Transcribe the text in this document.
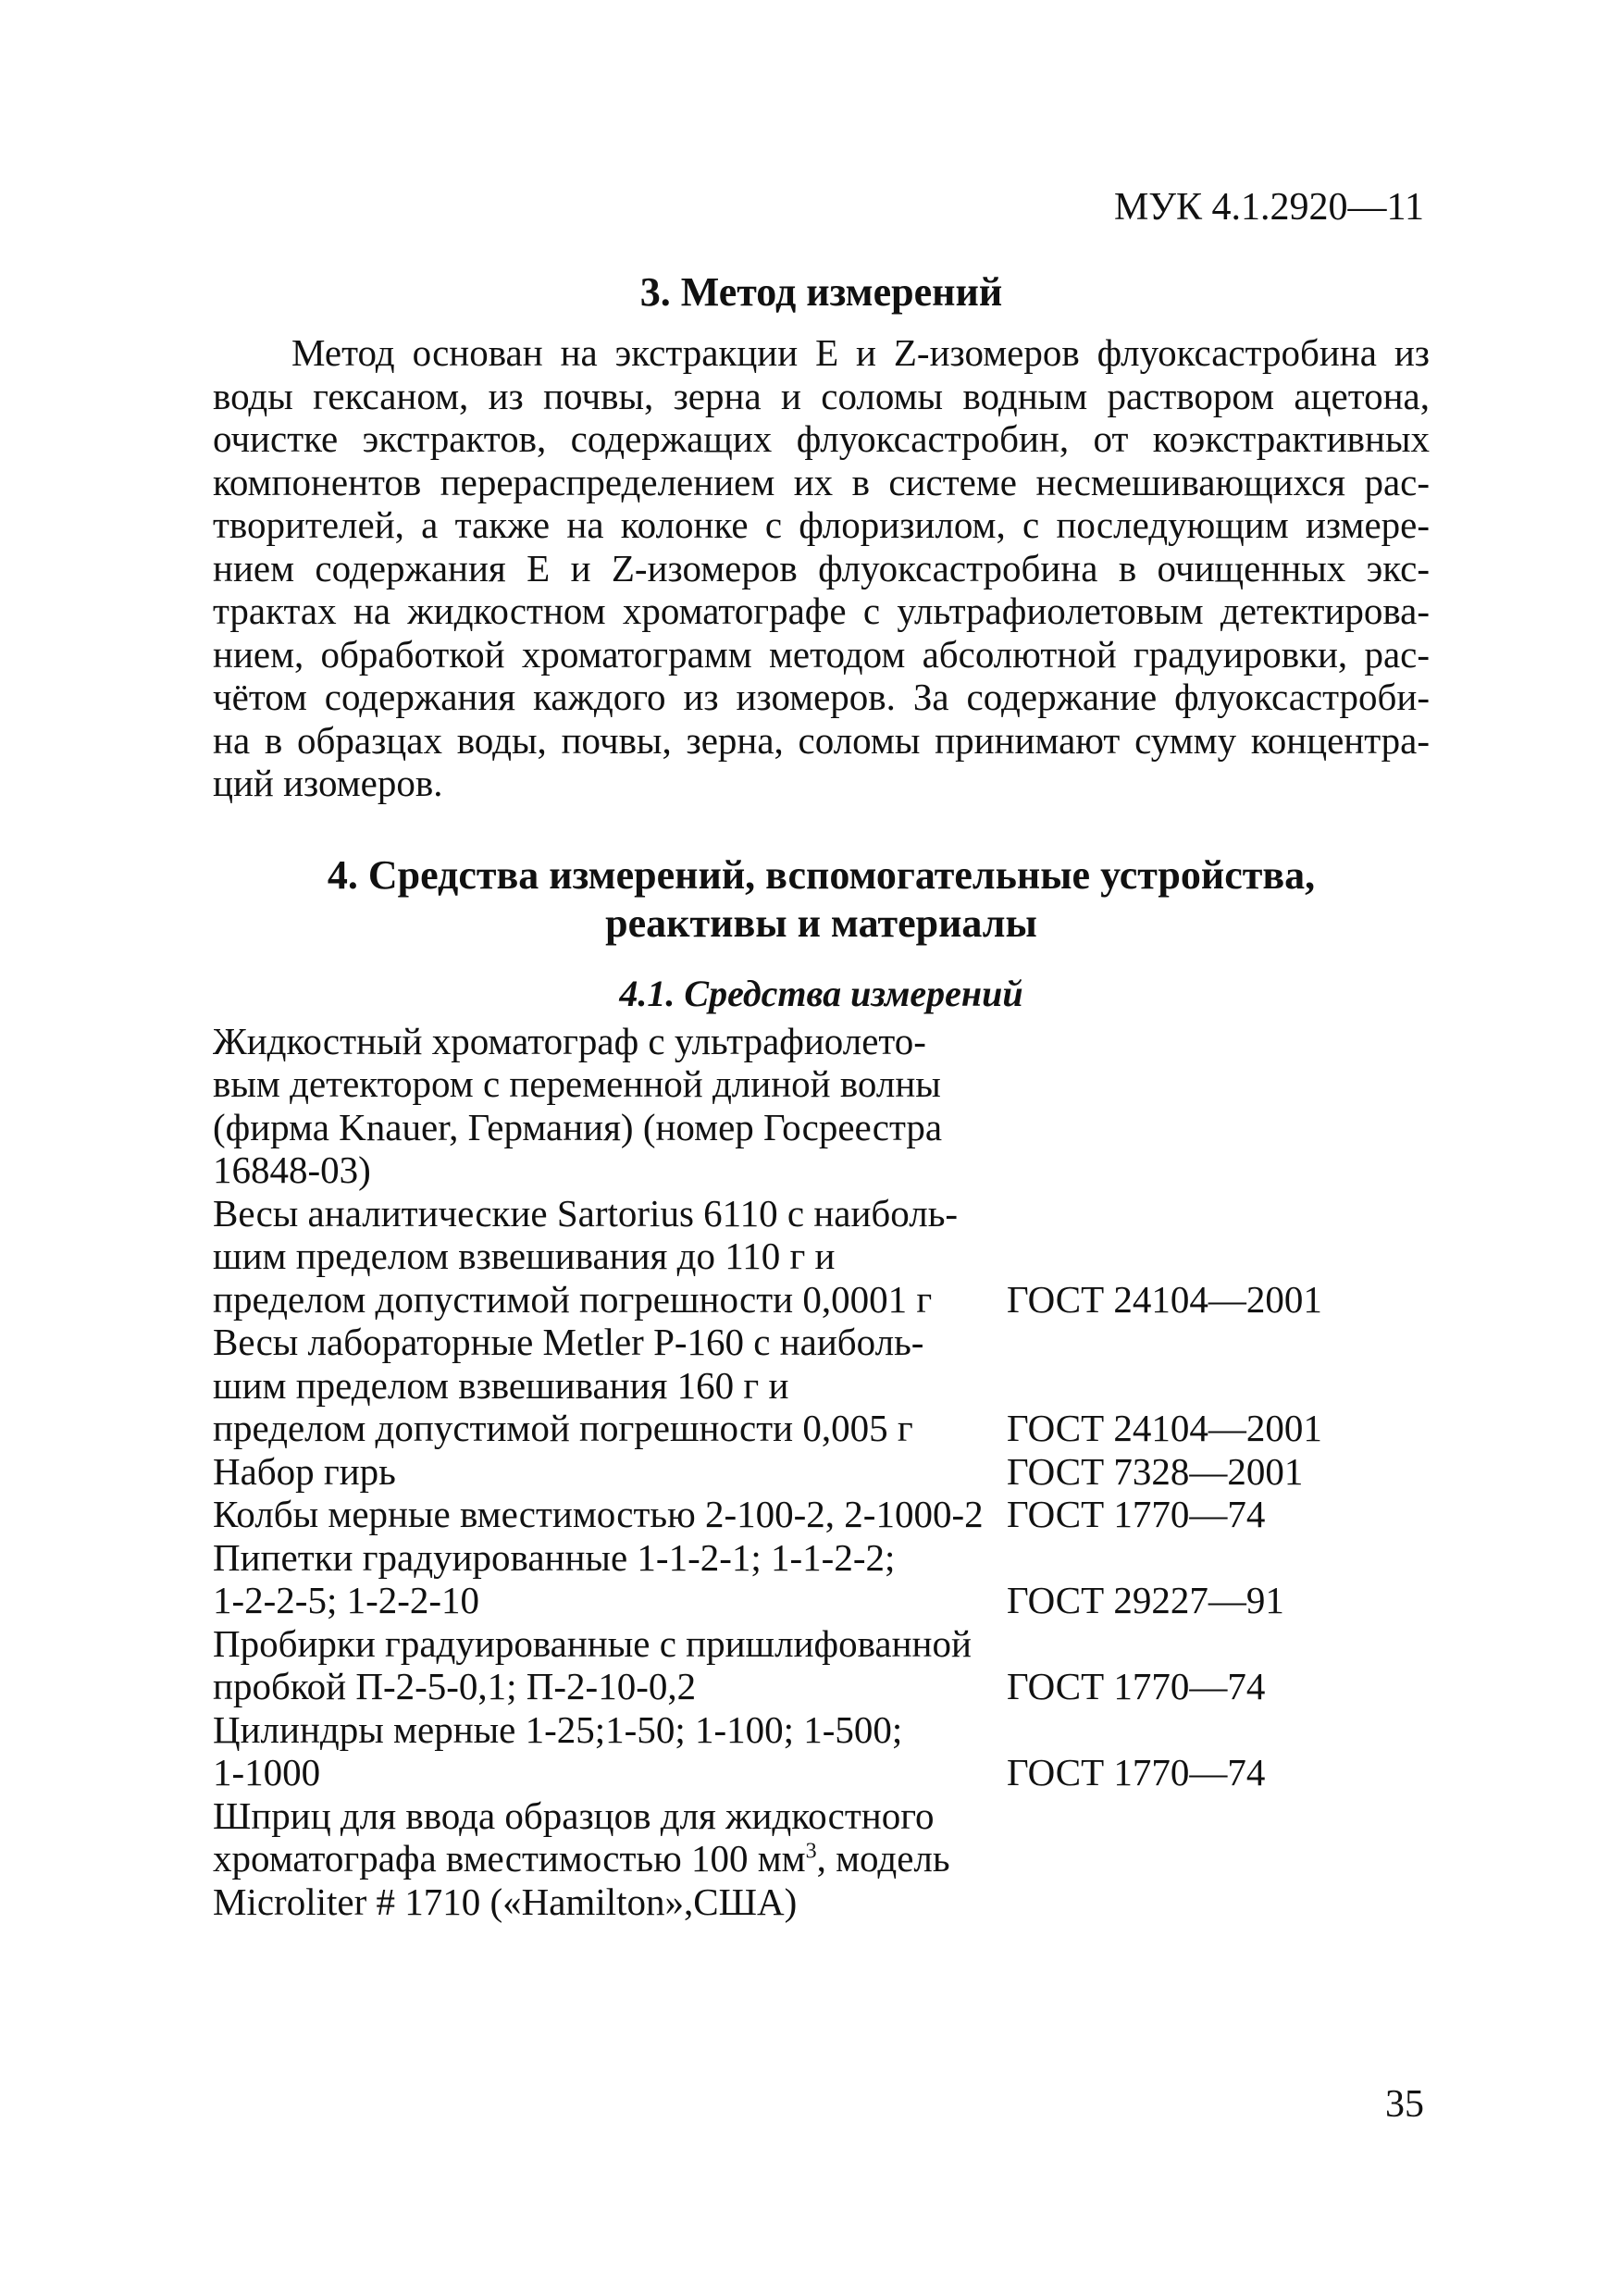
МУК 4.1.2920—11
3. Метод измерений
Метод основан на экстракции E и Z-изомеров флуоксастробина из
воды гексаном, из почвы, зерна и соломы водным раствором ацетона,
очистке экстрактов, содержащих флуоксастробин, от коэкстрактивных
компонентов перераспределением их в системе несмешивающихся рас-
творителей, а также на колонке с флоризилом, с последующим измере-
нием содержания E и Z-изомеров флуоксастробина в очищенных экс-
трактах на жидкостном хроматографе с ультрафиолетовым детектирова-
нием, обработкой хроматограмм методом абсолютной градуировки, рас-
чётом содержания каждого из изомеров. За содержание флуоксастроби-
на в образцах воды, почвы, зерна, соломы принимают сумму концентра-
ций изомеров.
4. Средства измерений, вспомогательные устройства,
реактивы и материалы
4.1. Средства измерений
Жидкостный хроматограф с ультрафиолето-
вым детектором с переменной длиной волны
(фирма Knauer, Германия) (номер Госреестра
16848-03)
Весы аналитические Sartorius 6110 с наиболь-
шим пределом взвешивания до 110 г и
пределом допустимой погрешности 0,0001 г	ГОСТ 24104—2001
Весы лабораторные Metler P-160 с наиболь-
шим пределом взвешивания 160 г и
пределом допустимой погрешности 0,005 г	ГОСТ 24104—2001
Набор гирь	ГОСТ 7328—2001
Колбы мерные вместимостью 2-100-2, 2-1000-2 ГОСТ 1770—74
Пипетки градуированные 1-1-2-1; 1-1-2-2;
1-2-2-5; 1-2-2-10	ГОСТ 29227—91
Пробирки градуированные с пришлифованной
пробкой П-2-5-0,1; П-2-10-0,2	ГОСТ 1770—74
Цилиндры мерные 1-25;1-50; 1-100; 1-500;
1-1000	ГОСТ 1770—74
Шприц для ввода образцов для жидкостного
хроматографа вместимостью 100 $мм^3$, модель
Microliter # 1710 («Hamilton»,США)
35
